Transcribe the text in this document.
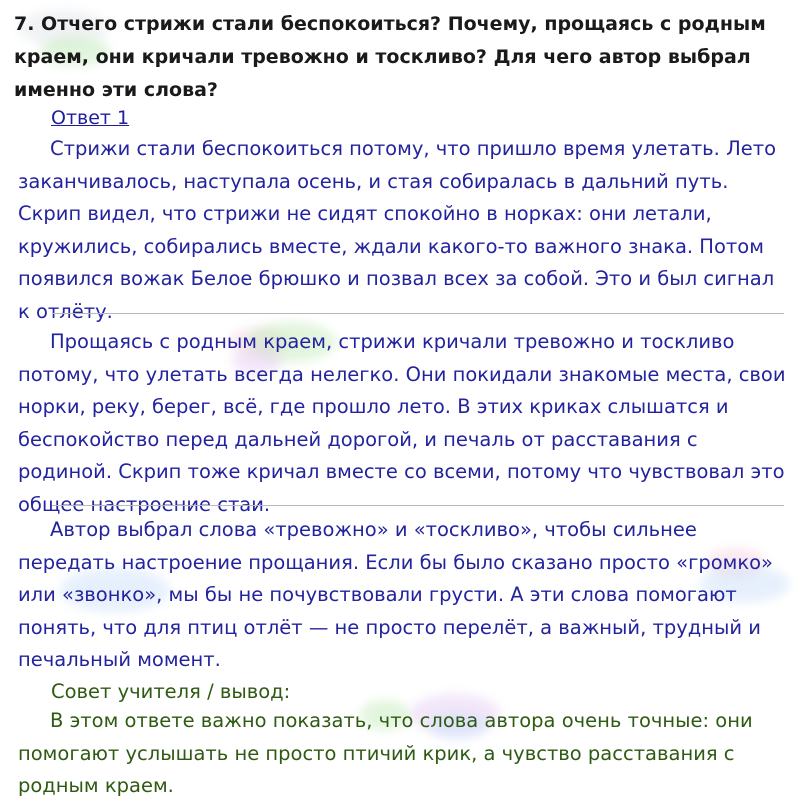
7. Отчего стрижи стали беспокоиться? Почему, прощаясь с родным краем, они кричали тревожно и тоскливо? Для чего автор выбрал именно эти слова?
Ответ 1
Стрижи стали беспокоиться потому, что пришло время улетать. Лето заканчивалось, наступала осень, и стая собиралась в дальний путь. Скрип видел, что стрижи не сидят спокойно в норках: они летали, кружились, собирались вместе, ждали какого-то важного знака. Потом появился вожак Белое брюшко и позвал всех за собой. Это и был сигнал к отлёту.
Прощаясь с родным краем, стрижи кричали тревожно и тоскливо потому, что улетать всегда нелегко. Они покидали знакомые места, свои норки, реку, берег, всё, где прошло лето. В этих криках слышатся и беспокойство перед дальней дорогой, и печаль от расставания с родиной. Скрип тоже кричал вместе со всеми, потому что чувствовал это общее настроение стаи.
Автор выбрал слова «тревожно» и «тоскливо», чтобы сильнее передать настроение прощания. Если бы было сказано просто «громко» или «звонко», мы бы не почувствовали грусти. А эти слова помогают понять, что для птиц отлёт — не просто перелёт, а важный, трудный и печальный момент.
Совет учителя / вывод:
В этом ответе важно показать, что слова автора очень точные: они помогают услышать не просто птичий крик, а чувство расставания с родным краем.
